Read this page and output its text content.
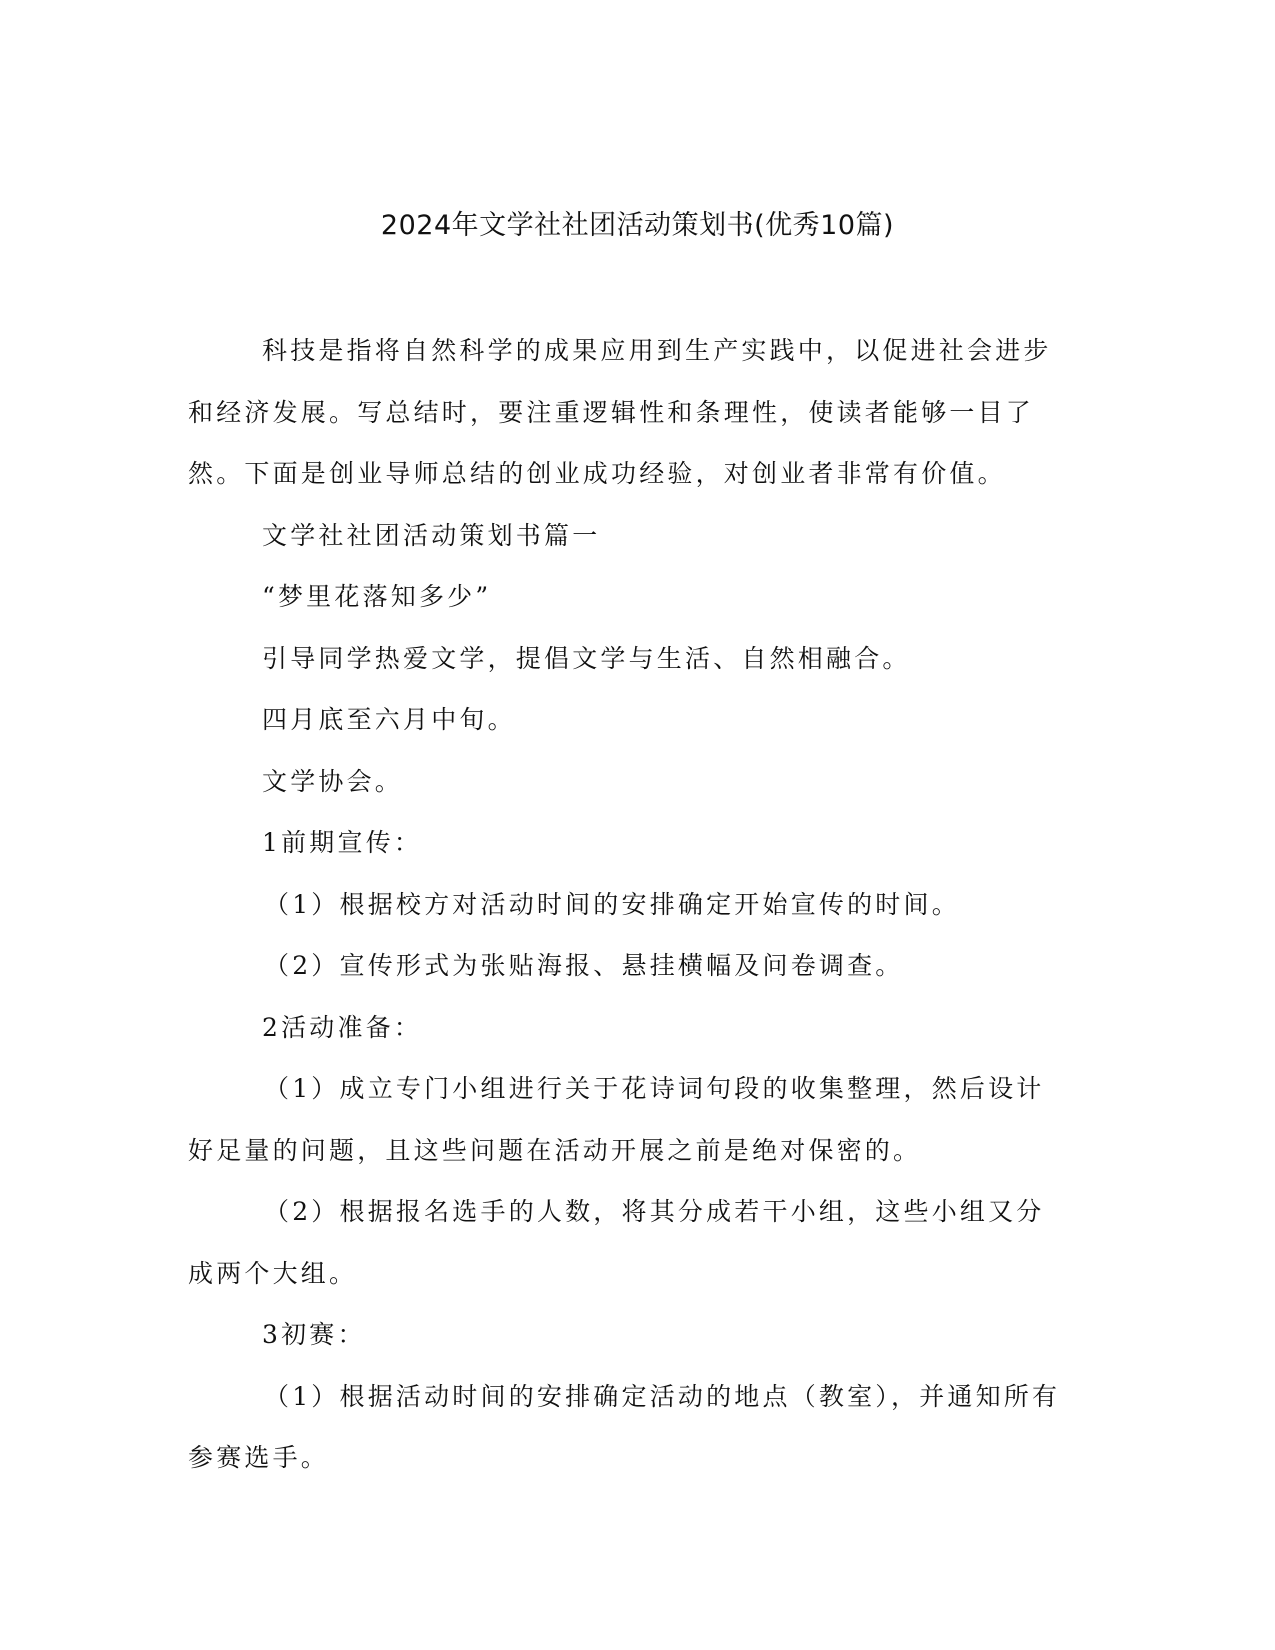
2024年文学社社团活动策划书(优秀10篇)

科技是指将自然科学的成果应用到生产实践中，以促进社会进步和经济发展。写总结时，要注重逻辑性和条理性，使读者能够一目了然。下面是创业导师总结的创业成功经验，对创业者非常有价值。

文学社社团活动策划书篇一

“梦里花落知多少”

引导同学热爱文学，提倡文学与生活、自然相融合。

四月底至六月中旬。

文学协会。

1前期宣传：

（1）根据校方对活动时间的安排确定开始宣传的时间。

（2）宣传形式为张贴海报、悬挂横幅及问卷调查。

2活动准备：

（1）成立专门小组进行关于花诗词句段的收集整理，然后设计好足量的问题，且这些问题在活动开展之前是绝对保密的。

（2）根据报名选手的人数，将其分成若干小组，这些小组又分成两个大组。

3初赛：

（1）根据活动时间的安排确定活动的地点（教室），并通知所有参赛选手。
